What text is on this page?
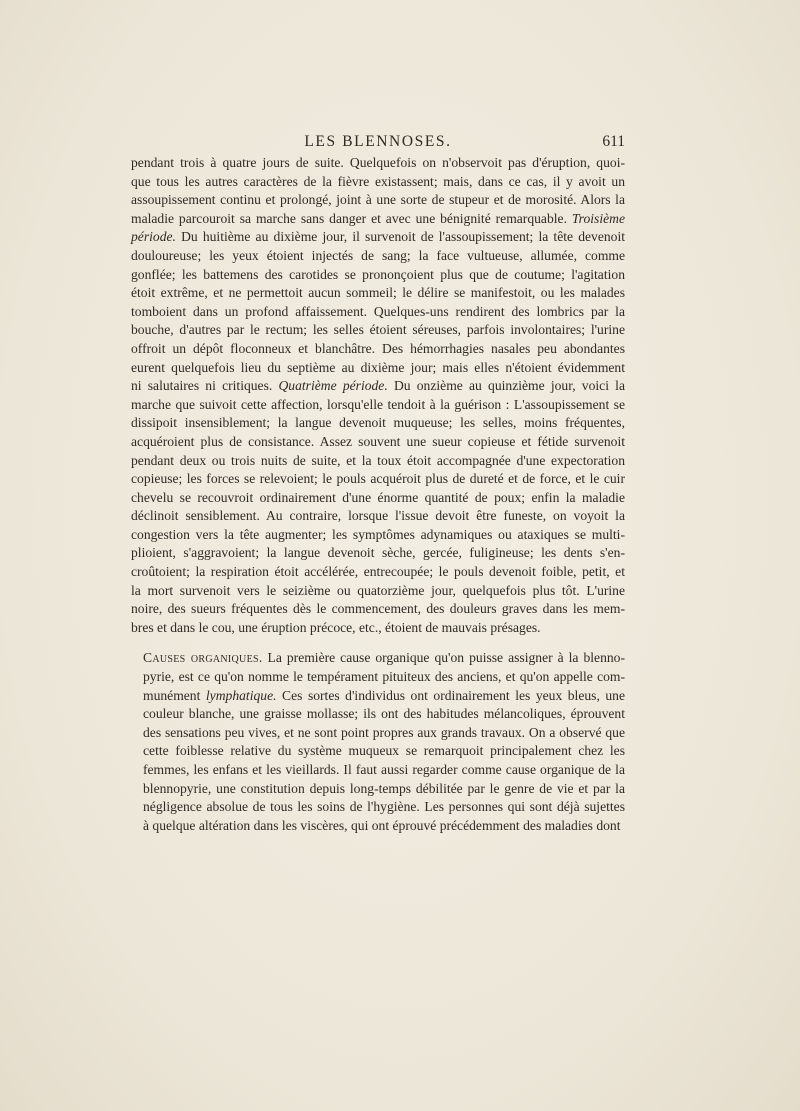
LES BLENNOSES.	611
pendant trois à quatre jours de suite. Quelquefois on n'observoit pas d'éruption, quoi-
que tous les autres caractères de la fièvre existassent; mais, dans ce cas, il y avoit un
assoupissement continu et prolongé, joint à une sorte de stupeur et de morosité. Alors la
maladie parcouroit sa marche sans danger et avec une bénignité remarquable. Troisième
période. Du huitième au dixième jour, il survenoit de l'assoupissement; la tête devenoit
douloureuse; les yeux étoient injectés de sang; la face vultueuse, allumée, comme
gonflée; les battemens des carotides se prononçoient plus que de coutume; l'agitation
étoit extrême, et ne permettoit aucun sommeil; le délire se manifestoit, ou les malades
tomboient dans un profond affaissement. Quelques-uns rendirent des lombrics par la
bouche, d'autres par le rectum; les selles étoient séreuses, parfois involontaires; l'urine
offroit un dépôt floconneux et blanchâtre. Des hémorrhagies nasales peu abondantes
eurent quelquefois lieu du septième au dixième jour; mais elles n'étoient évidemment
ni salutaires ni critiques. Quatrième période. Du onzième au quinzième jour, voici la
marche que suivoit cette affection, lorsqu'elle tendoit à la guérison : L'assoupissement se
dissipoit insensiblement; la langue devenoit muqueuse; les selles, moins fréquentes,
acquéroient plus de consistance. Assez souvent une sueur copieuse et fétide survenoit
pendant deux ou trois nuits de suite, et la toux étoit accompagnée d'une expectoration
copieuse; les forces se relevoient; le pouls acquéroit plus de dureté et de force, et le cuir
chevelu se recouvroit ordinairement d'une énorme quantité de poux; enfin la maladie
déclinoit sensiblement. Au contraire, lorsque l'issue devoit être funeste, on voyoit la
congestion vers la tête augmenter; les symptômes adynamiques ou ataxiques se multi-
plioient, s'aggravoient; la langue devenoit sèche, gercée, fuligineuse; les dents s'en-
croûtoient; la respiration étoit accélérée, entrecoupée; le pouls devenoit foible, petit, et
la mort survenoit vers le seizième ou quatorzième jour, quelquefois plus tôt. L'urine
noire, des sueurs fréquentes dès le commencement, des douleurs graves dans les mem-
bres et dans le cou, une éruption précoce, etc., étoient de mauvais présages.
Causes organiques. La première cause organique qu'on puisse assigner à la blenno-
pyrie, est ce qu'on nomme le tempérament pituiteux des anciens, et qu'on appelle com-
munément lymphatique. Ces sortes d'individus ont ordinairement les yeux bleus, une
couleur blanche, une graisse mollasse; ils ont des habitudes mélancoliques, éprouvent
des sensations peu vives, et ne sont point propres aux grands travaux. On a observé que
cette foiblesse relative du système muqueux se remarquoit principalement chez les
femmes, les enfans et les vieillards. Il faut aussi regarder comme cause organique de la
blennopyrie, une constitution depuis long-temps débilitée par le genre de vie et par la
négligence absolue de tous les soins de l'hygiène. Les personnes qui sont déjà sujettes
à quelque altération dans les viscères, qui ont éprouvé précédemment des maladies dont
